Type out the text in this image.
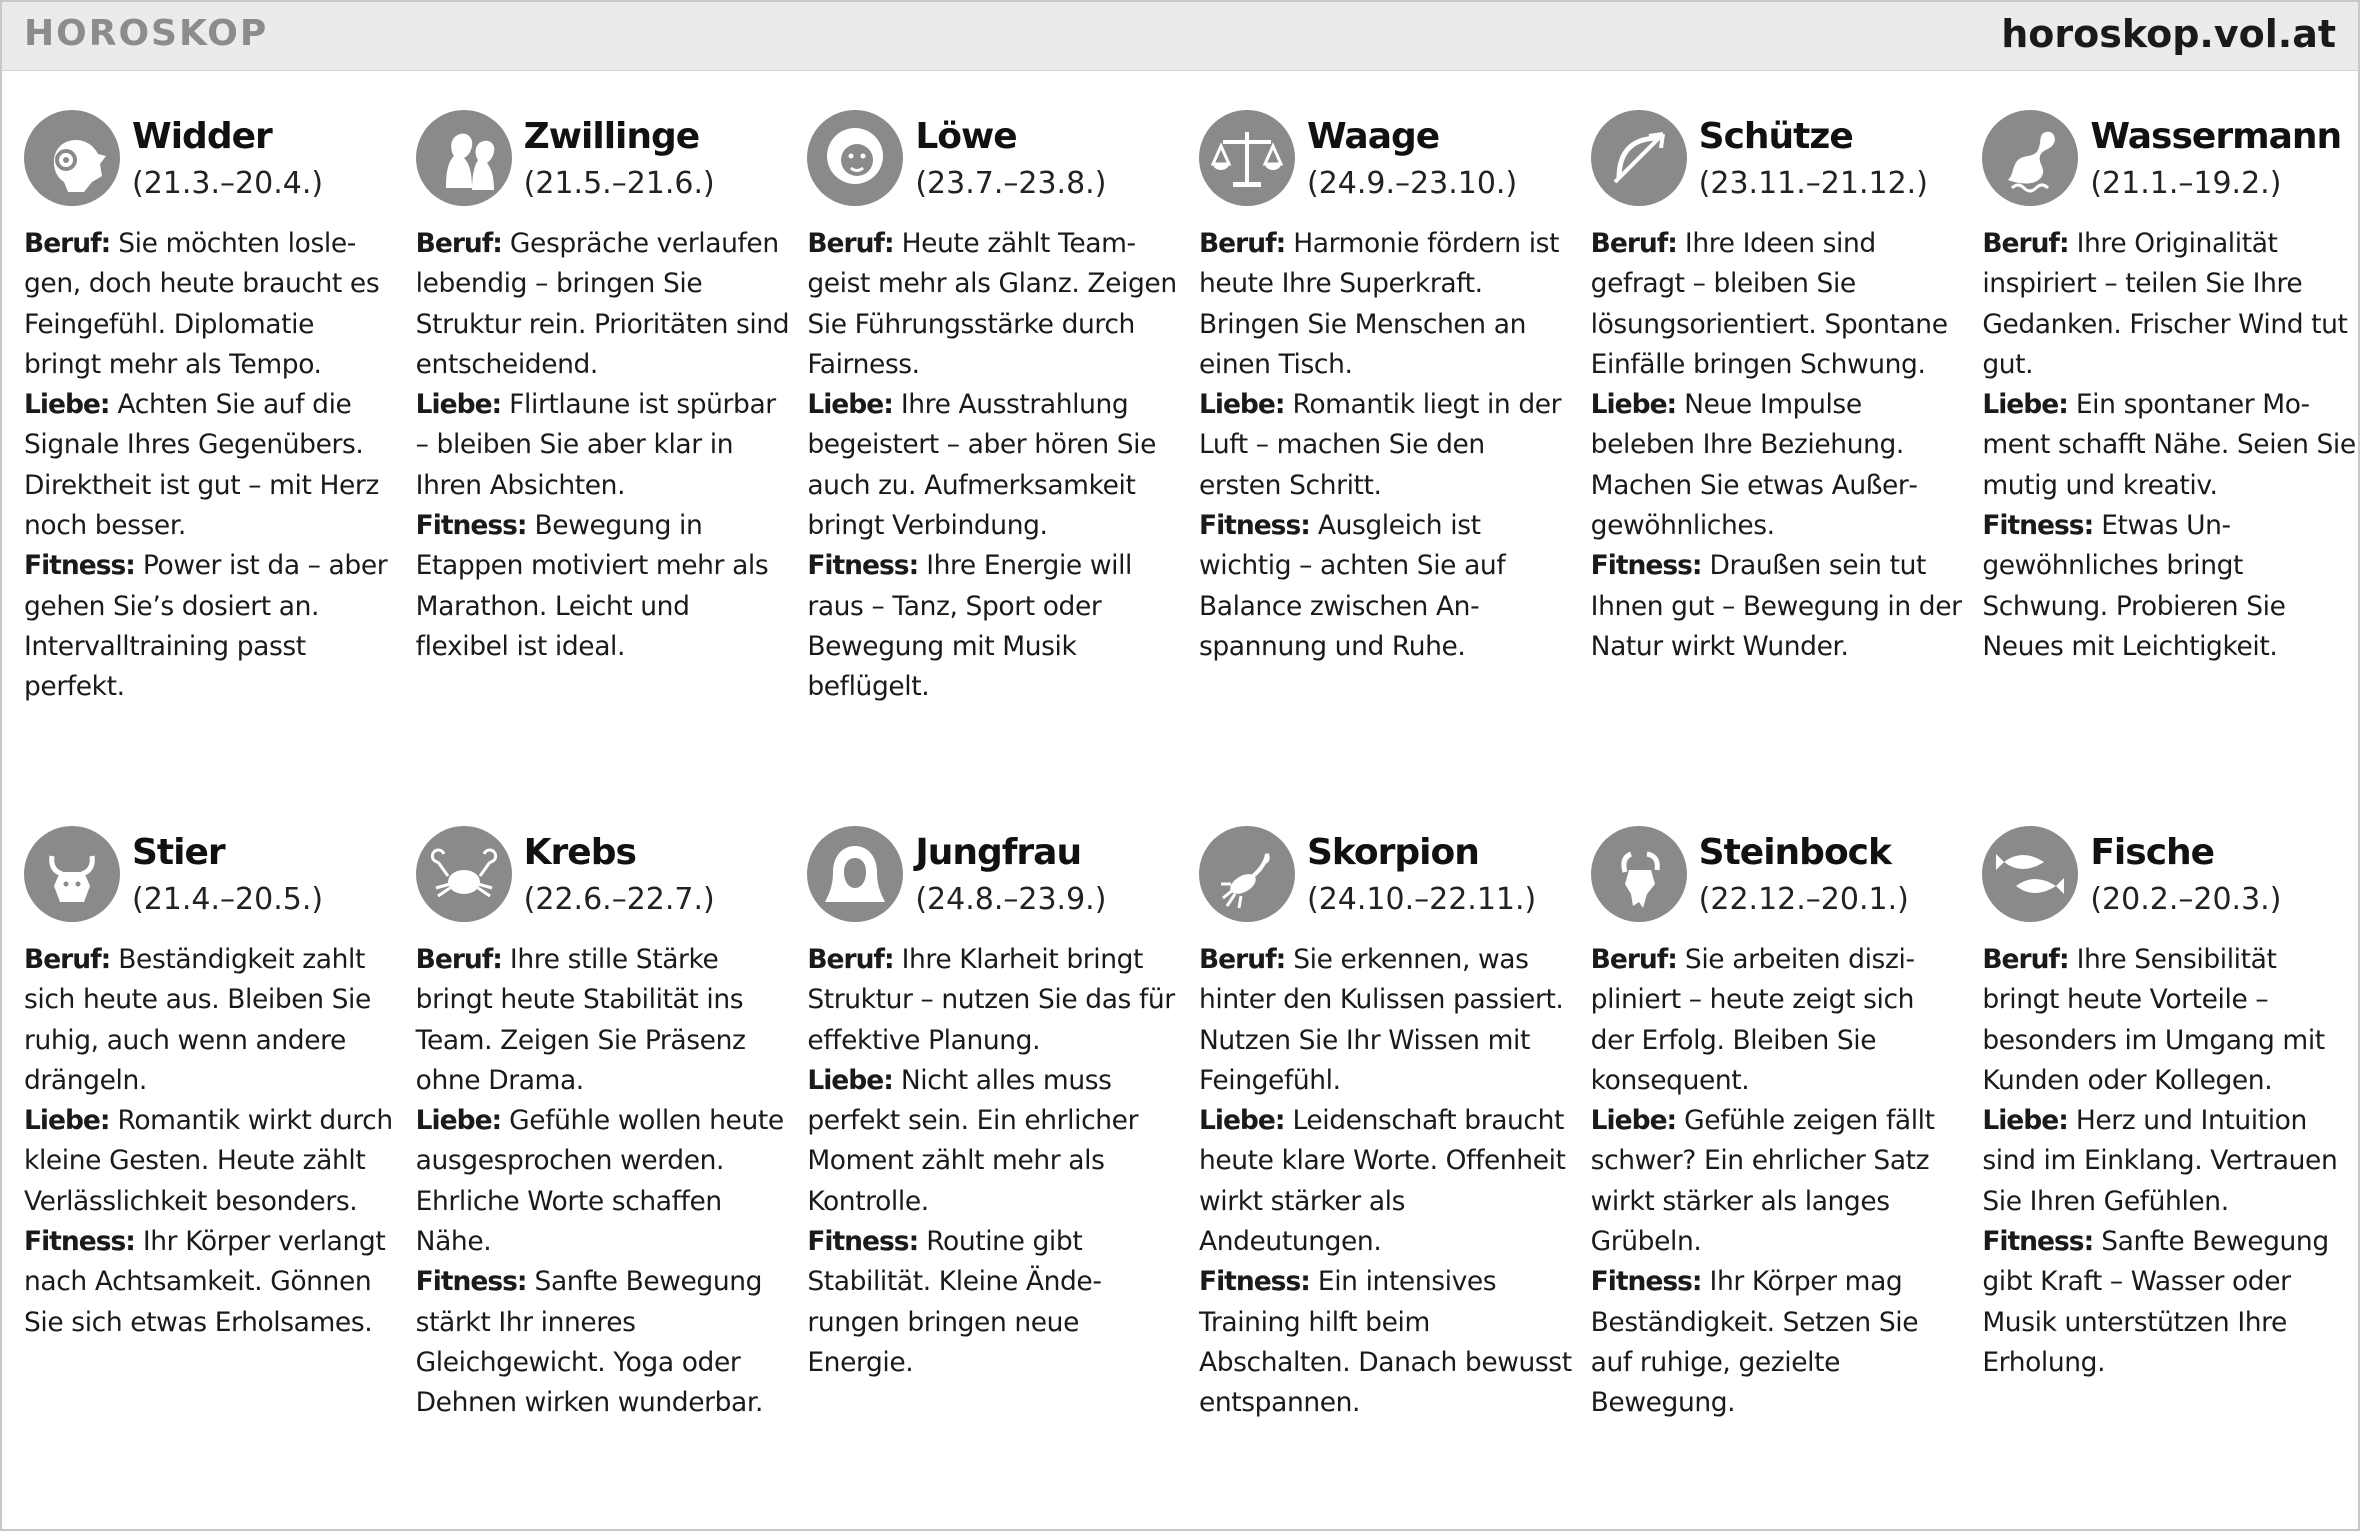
HOROSKOP	horoskop.vol.at
Widder
(21.3.–20.4.)
Beruf: Sie möchten loslegen, doch heute braucht es Feingefühl. Diplomatie bringt mehr als Tempo.
Liebe: Achten Sie auf die Signale Ihres Gegenübers. Direktheit ist gut – mit Herz noch besser.
Fitness: Power ist da – aber gehen Sie’s dosiert an. Intervalltraining passt perfekt.
Zwillinge
(21.5.–21.6.)
Beruf: Gespräche verlaufen lebendig – bringen Sie Struktur rein. Prioritäten sind entscheidend.
Liebe: Flirtlaune ist spürbar – bleiben Sie aber klar in Ihren Absichten.
Fitness: Bewegung in Etappen motiviert mehr als Marathon. Leicht und flexibel ist ideal.
Löwe
(23.7.–23.8.)
Beruf: Heute zählt Teamgeist mehr als Glanz. Zeigen Sie Führungsstärke durch Fairness.
Liebe: Ihre Ausstrahlung begeistert – aber hören Sie auch zu. Aufmerksamkeit bringt Verbindung.
Fitness: Ihre Energie will raus – Tanz, Sport oder Bewegung mit Musik beflügelt.
Waage
(24.9.–23.10.)
Beruf: Harmonie fördern ist heute Ihre Superkraft. Bringen Sie Menschen an einen Tisch.
Liebe: Romantik liegt in der Luft – machen Sie den ersten Schritt.
Fitness: Ausgleich ist wichtig – achten Sie auf Balance zwischen Anspannung und Ruhe.
Schütze
(23.11.–21.12.)
Beruf: Ihre Ideen sind gefragt – bleiben Sie lösungsorientiert. Spontane Einfälle bringen Schwung.
Liebe: Neue Impulse beleben Ihre Beziehung. Machen Sie etwas Außergewöhnliches.
Fitness: Draußen sein tut Ihnen gut – Bewegung in der Natur wirkt Wunder.
Wassermann
(21.1.–19.2.)
Beruf: Ihre Originalität inspiriert – teilen Sie Ihre Gedanken. Frischer Wind tut gut.
Liebe: Ein spontaner Moment schafft Nähe. Seien Sie mutig und kreativ.
Fitness: Etwas Ungewöhnliches bringt Schwung. Probieren Sie Neues mit Leichtigkeit.
Stier
(21.4.–20.5.)
Beruf: Beständigkeit zahlt sich heute aus. Bleiben Sie ruhig, auch wenn andere drängeln.
Liebe: Romantik wirkt durch kleine Gesten. Heute zählt Verlässlichkeit besonders.
Fitness: Ihr Körper verlangt nach Achtsamkeit. Gönnen Sie sich etwas Erholsames.
Krebs
(22.6.–22.7.)
Beruf: Ihre stille Stärke bringt heute Stabilität ins Team. Zeigen Sie Präsenz ohne Drama.
Liebe: Gefühle wollen heute ausgesprochen werden. Ehrliche Worte schaffen Nähe.
Fitness: Sanfte Bewegung stärkt Ihr inneres Gleichgewicht. Yoga oder Dehnen wirken wunderbar.
Jungfrau
(24.8.–23.9.)
Beruf: Ihre Klarheit bringt Struktur – nutzen Sie das für effektive Planung.
Liebe: Nicht alles muss perfekt sein. Ein ehrlicher Moment zählt mehr als Kontrolle.
Fitness: Routine gibt Stabilität. Kleine Änderungen bringen neue Energie.
Skorpion
(24.10.–22.11.)
Beruf: Sie erkennen, was hinter den Kulissen passiert. Nutzen Sie Ihr Wissen mit Feingefühl.
Liebe: Leidenschaft braucht heute klare Worte. Offenheit wirkt stärker als Andeutungen.
Fitness: Ein intensives Training hilft beim Abschalten. Danach bewusst entspannen.
Steinbock
(22.12.–20.1.)
Beruf: Sie arbeiten diszipliniert – heute zeigt sich der Erfolg. Bleiben Sie konsequent.
Liebe: Gefühle zeigen fällt schwer? Ein ehrlicher Satz wirkt stärker als langes Grübeln.
Fitness: Ihr Körper mag Beständigkeit. Setzen Sie auf ruhige, gezielte Bewegung.
Fische
(20.2.–20.3.)
Beruf: Ihre Sensibilität bringt heute Vorteile – besonders im Umgang mit Kunden oder Kollegen.
Liebe: Herz und Intuition sind im Einklang. Vertrauen Sie Ihren Gefühlen.
Fitness: Sanfte Bewegung gibt Kraft – Wasser oder Musik unterstützen Ihre Erholung.
